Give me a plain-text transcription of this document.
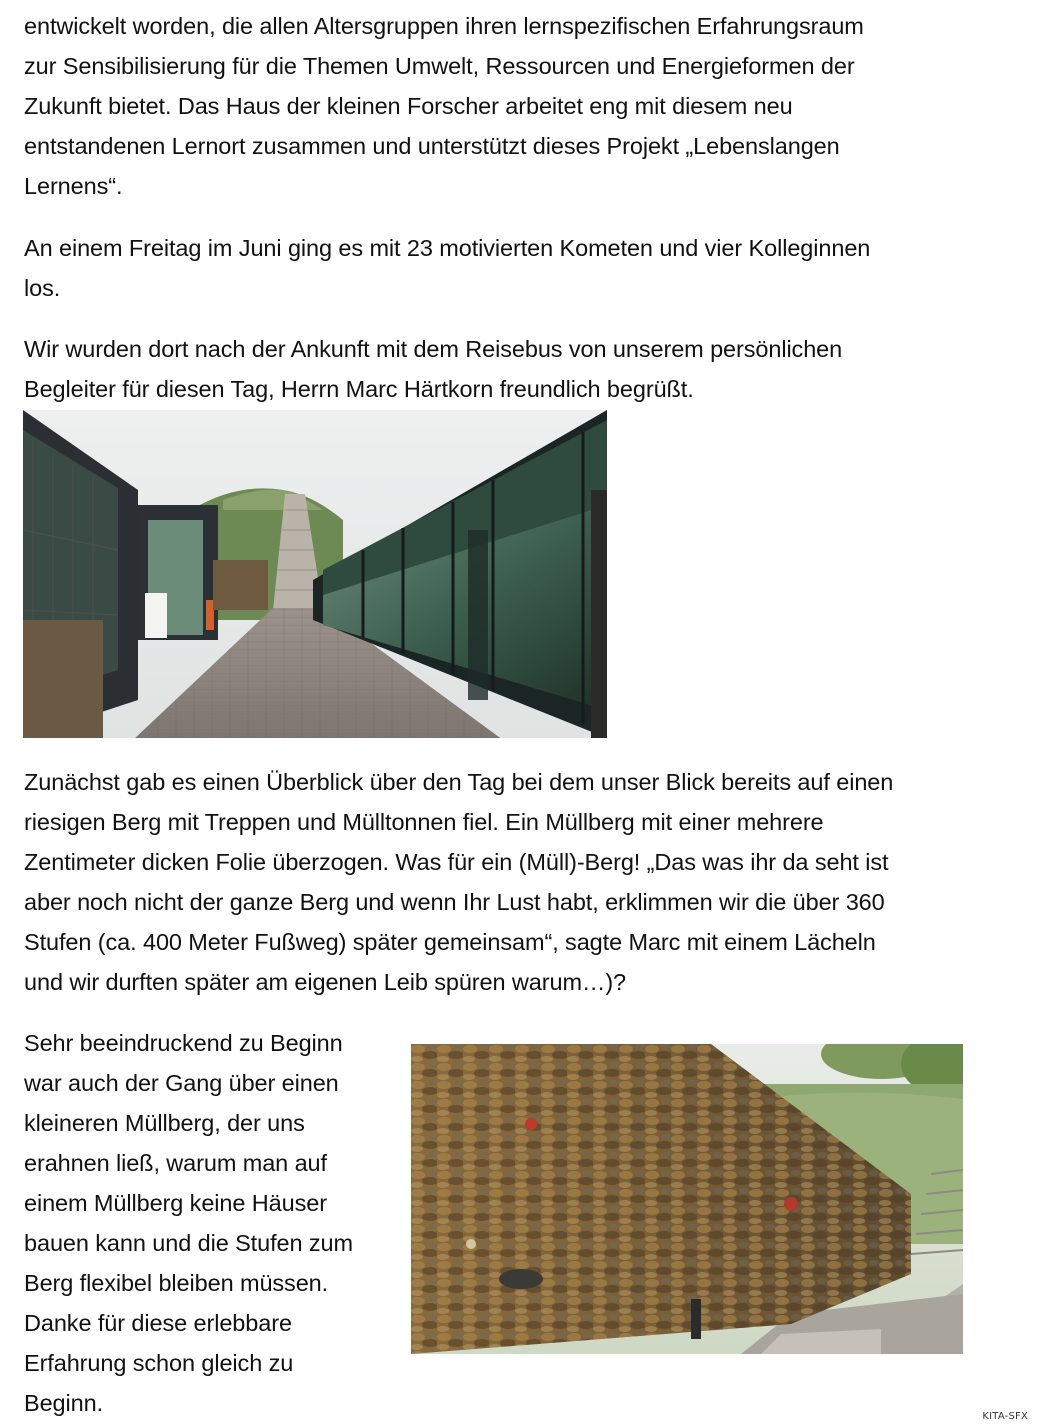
entwickelt worden, die allen Altersgruppen ihren lernspezifischen Erfahrungsraum
zur Sensibilisierung für die Themen Umwelt, Ressourcen und Energieformen der
Zukunft bietet. Das Haus der kleinen Forscher arbeitet eng mit diesem neu
entstandenen Lernort zusammen und unterstützt dieses Projekt „Lebenslangen
Lernens“.
An einem Freitag im Juni ging es mit 23 motivierten Kometen und vier Kolleginnen
los.
Wir wurden dort nach der Ankunft mit dem Reisebus von unserem persönlichen
Begleiter für diesen Tag, Herrn Marc Härtkorn freundlich begrüßt.
Zunächst gab es einen Überblick über den Tag bei dem unser Blick bereits auf einen
riesigen Berg mit Treppen und Mülltonnen fiel. Ein Müllberg mit einer mehrere
Zentimeter dicken Folie überzogen. Was für ein (Müll)-Berg! „Das was ihr da seht ist
aber noch nicht der ganze Berg und wenn Ihr Lust habt, erklimmen wir die über 360
Stufen (ca. 400 Meter Fußweg) später gemeinsam“, sagte Marc mit einem Lächeln
und wir durften später am eigenen Leib spüren warum…)?
Sehr beeindruckend zu Beginn
war auch der Gang über einen
kleineren Müllberg, der uns
erahnen ließ, warum man auf
einem Müllberg keine Häuser
bauen kann und die Stufen zum
Berg flexibel bleiben müssen.
Danke für diese erlebbare
Erfahrung schon gleich zu
Beginn.
KITA-SFX
